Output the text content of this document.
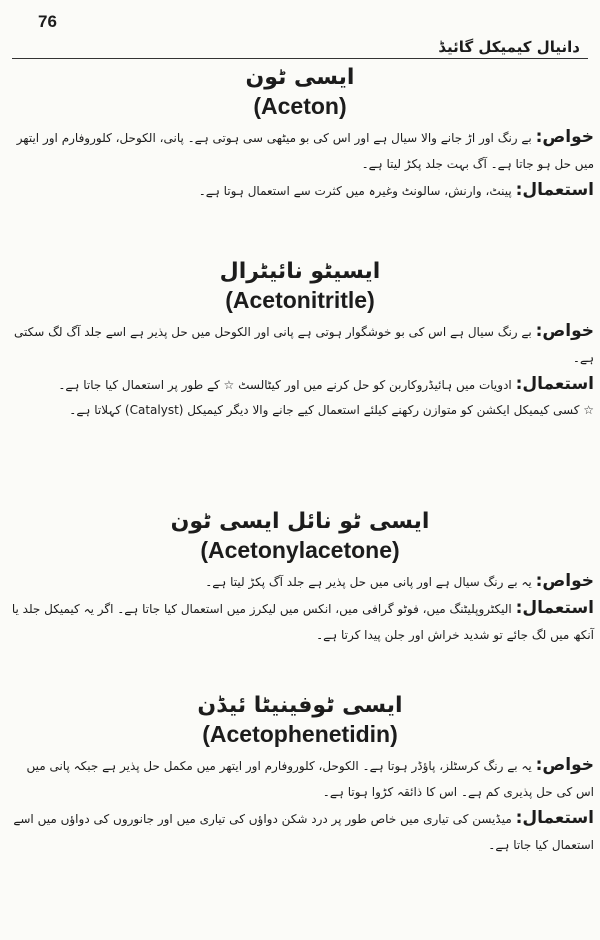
76
دانیال کیمیکل گائیڈ
ایسی ٹون
(Aceton)

خواص: بے رنگ اور اڑ جانے والا سیال ہے اور اس کی بو میٹھی سی ہوتی ہے۔ پانی، الکوحل، کلوروفارم اور ایتھر میں حل ہو جاتا ہے۔ آگ بہت جلد پکڑ لیتا ہے۔

استعمال: پینٹ، وارنش، سالونٹ وغیرہ میں کثرت سے استعمال ہوتا ہے۔

ایسیٹو نائیٹرال
(Acetonitritle)

خواص: بے رنگ سیال ہے اس کی بو خوشگوار ہوتی ہے پانی اور الکوحل میں حل پذیر ہے اسے جلد آگ لگ سکتی ہے۔

استعمال: ادویات میں ہائیڈروکاربن کو حل کرنے میں اور کیٹالسٹ ☆ کے طور پر استعمال کیا جاتا ہے۔

☆ کسی کیمیکل ایکشن کو متوازن رکھنے کیلئے استعمال کیے جانے والا دیگر کیمیکل (Catalyst) کہلاتا ہے۔

ایسی ٹو نائل ایسی ٹون
(Acetonylacetone)

خواص: یہ بے رنگ سیال ہے اور پانی میں حل پذیر ہے جلد آگ پکڑ لیتا ہے۔

استعمال: الیکٹروپلیٹنگ میں، فوٹو گرافی میں، انکس میں لیکرز میں استعمال کیا جاتا ہے۔ اگر یہ کیمیکل جلد یا آنکھ میں لگ جائے تو شدید خراش اور جلن پیدا کرتا ہے۔

ایسی ٹوفینیٹا ئیڈن
(Acetophenetidin)

خواص: یہ بے رنگ کرسٹلز، پاؤڈر ہوتا ہے۔ الکوحل، کلوروفارم اور ایتھر میں مکمل حل پذیر ہے جبکہ پانی میں اس کی حل پذیری کم ہے۔ اس کا ذائقہ کڑوا ہوتا ہے۔

استعمال: میڈیسن کی تیاری میں خاص طور پر درد شکن دواؤں کی تیاری میں اور جانوروں کی دواؤں میں اسے استعمال کیا جاتا ہے۔
